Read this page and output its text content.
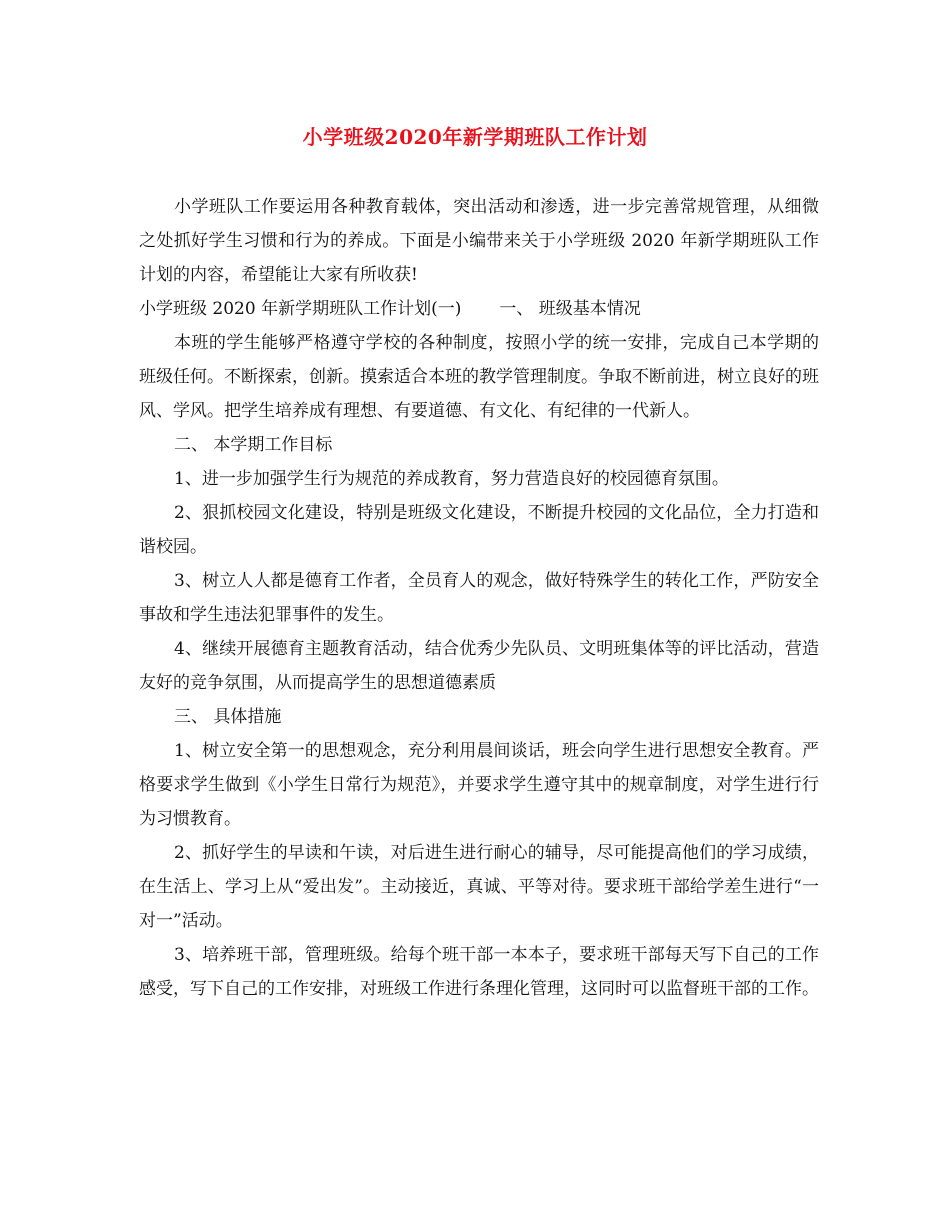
小学班级2020年新学期班队工作计划

小学班队工作要运用各种教育载体，突出活动和渗透，进一步完善常规管理，从细微之处抓好学生习惯和行为的养成。下面是小编带来关于小学班级 2020 年新学期班队工作计划的内容，希望能让大家有所收获!

小学班级 2020 年新学期班队工作计划(一) 一、 班级基本情况

本班的学生能够严格遵守学校的各种制度，按照小学的统一安排，完成自己本学期的班级任何。不断探索，创新。摸索适合本班的教学管理制度。争取不断前进，树立良好的班风、学风。把学生培养成有理想、有要道德、有文化、有纪律的一代新人。

二、 本学期工作目标

1、进一步加强学生行为规范的养成教育，努力营造良好的校园德育氛围。

2、狠抓校园文化建设，特别是班级文化建设，不断提升校园的文化品位，全力打造和谐校园。

3、树立人人都是德育工作者，全员育人的观念，做好特殊学生的转化工作，严防安全事故和学生违法犯罪事件的发生。

4、继续开展德育主题教育活动，结合优秀少先队员、文明班集体等的评比活动，营造友好的竞争氛围，从而提高学生的思想道德素质

三、 具体措施

1、树立安全第一的思想观念，充分利用晨间谈话，班会向学生进行思想安全教育。严格要求学生做到《小学生日常行为规范》，并要求学生遵守其中的规章制度，对学生进行行为习惯教育。

2、抓好学生的早读和午读，对后进生进行耐心的辅导，尽可能提高他们的学习成绩，在生活上、学习上从“爱出发”。主动接近，真诚、平等对待。要求班干部给学差生进行“一对一”活动。

3、培养班干部，管理班级。给每个班干部一本本子，要求班干部每天写下自己的工作感受，写下自己的工作安排，对班级工作进行条理化管理，这同时可以监督班干部的工作。
